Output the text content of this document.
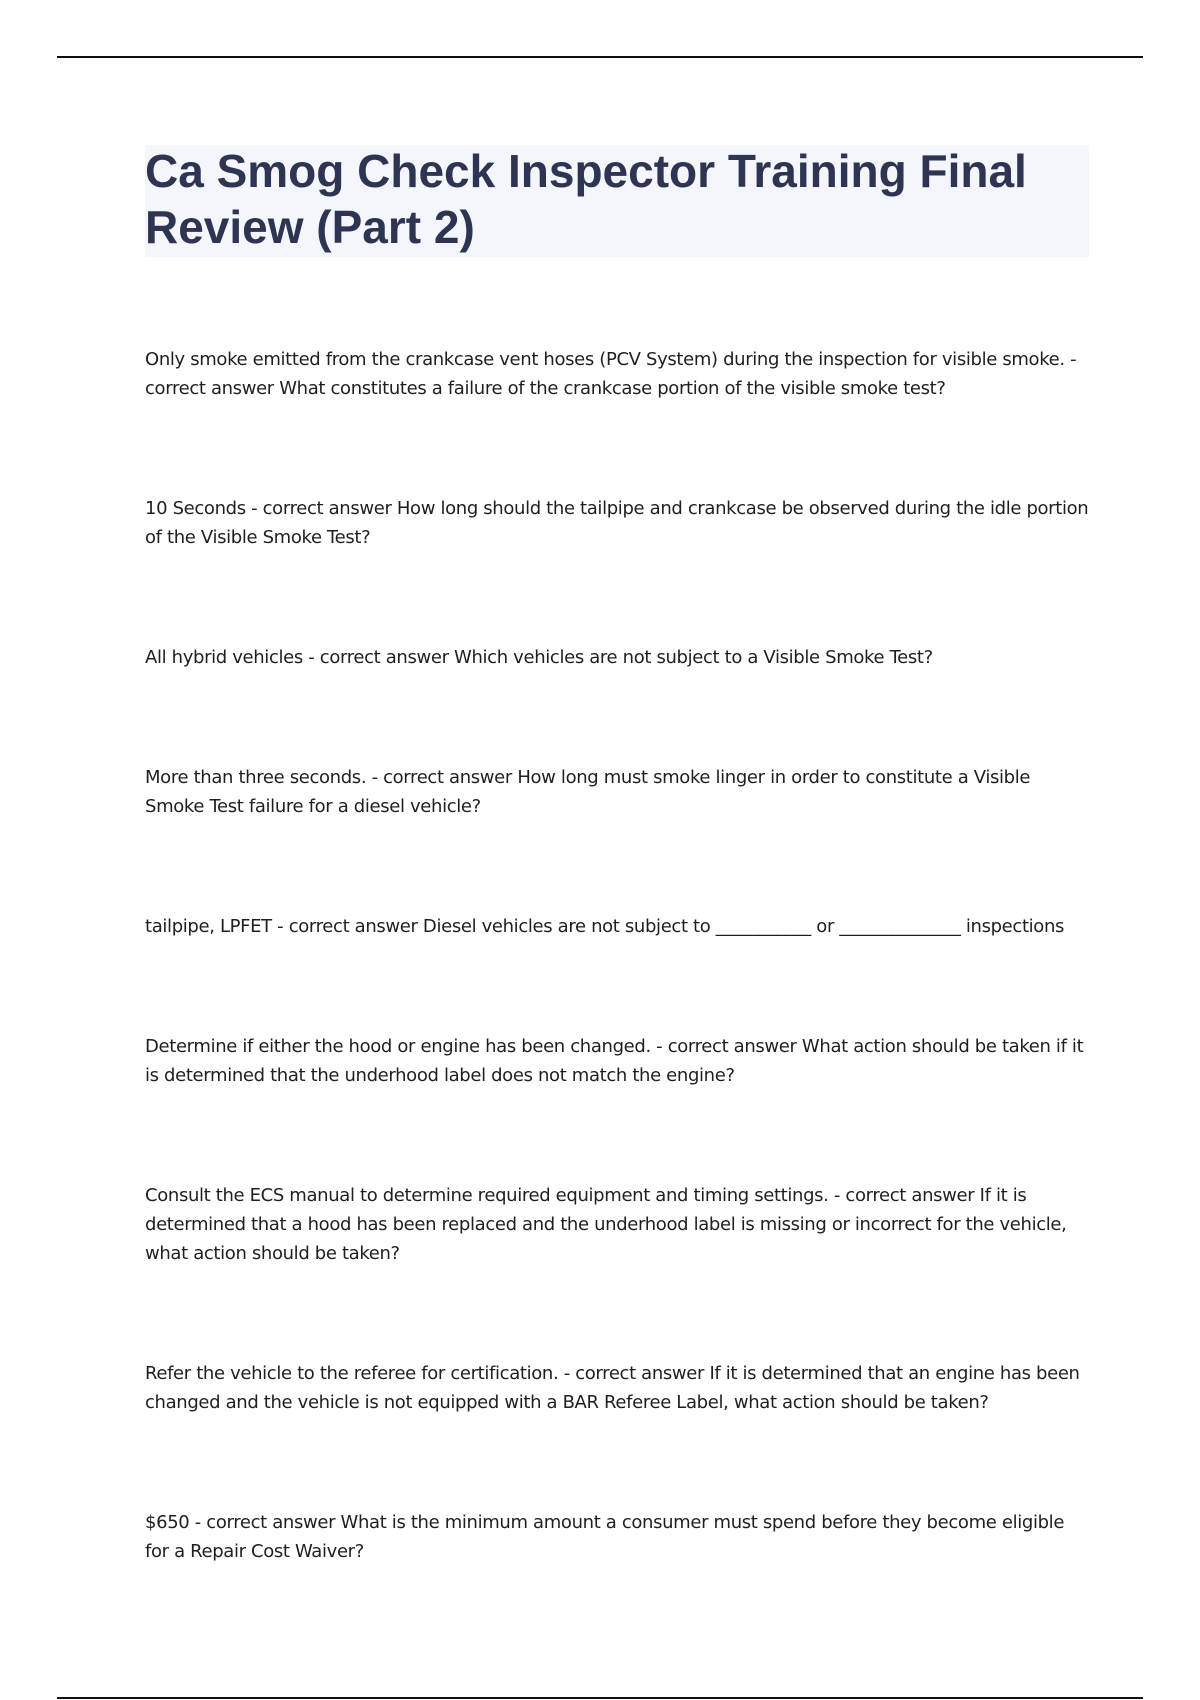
Ca Smog Check Inspector Training Final Review (Part 2)
Only smoke emitted from the crankcase vent hoses (PCV System) during the inspection for visible smoke. - correct answer What constitutes a failure of the crankcase portion of the visible smoke test?
10 Seconds - correct answer How long should the tailpipe and crankcase be observed during the idle portion of the Visible Smoke Test?
All hybrid vehicles - correct answer Which vehicles are not subject to a Visible Smoke Test?
More than three seconds. - correct answer How long must smoke linger in order to constitute a Visible Smoke Test failure for a diesel vehicle?
tailpipe, LPFET - correct answer Diesel vehicles are not subject to ___________ or ______________ inspections
Determine if either the hood or engine has been changed. - correct answer What action should be taken if it is determined that the underhood label does not match the engine?
Consult the ECS manual to determine required equipment and timing settings. - correct answer If it is determined that a hood has been replaced and the underhood label is missing or incorrect for the vehicle, what action should be taken?
Refer the vehicle to the referee for certification. - correct answer If it is determined that an engine has been changed and the vehicle is not equipped with a BAR Referee Label, what action should be taken?
$650 - correct answer What is the minimum amount a consumer must spend before they become eligible for a Repair Cost Waiver?
